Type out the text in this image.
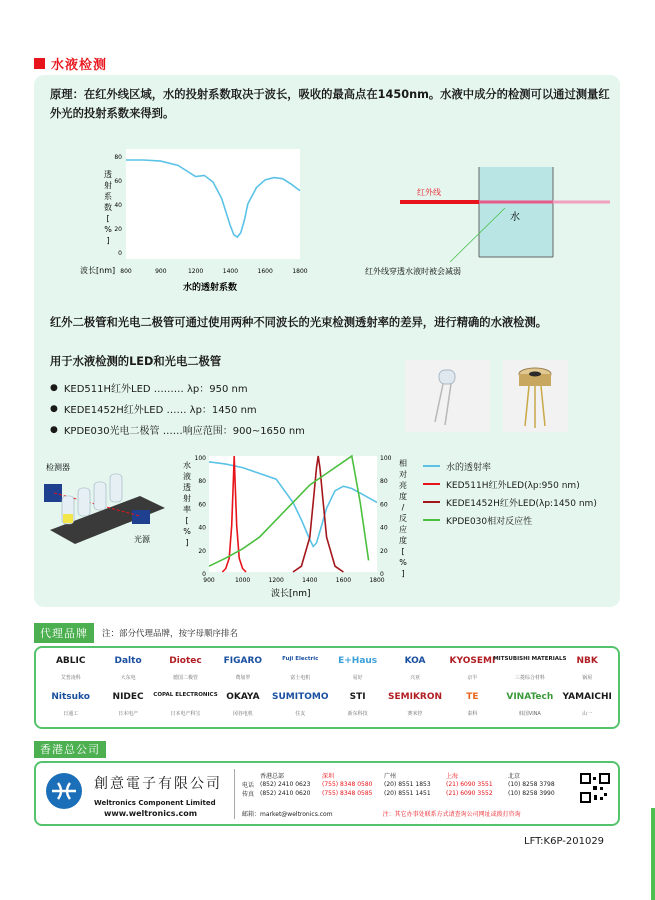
水液检测
原理： 在红外线区域，水的投射系数取决于波长，吸收的最高点在1450nm。水液中成分的检测可以通过测量红外光的投射系数来得到。
800	900	1200	1400	1600	1800
80
60
40
20
0
波长[nm]
水的透射系数
透
射
系
数
[
%
]
红外线
水
红外线穿透水液时被会减弱
红外二极管和光电二极管可通过使用两种不同波长的光束检测透射率的差异，进行精确的水液检测。
用于水液检测的LED和光电二极管
● KED511H红外LED ……… λp：950 nm
● KEDE1452H红外LED …… λp：1450 nm
● KPDE030光电二极管 ……响应范围：900~1650 nm
检测器
光源
900	1000	1200	1400	1600	1800
100	100
80	80
60	60
40	40
20	20
0	0
水
液
透
射
率
[
%
]
相
对
亮
度
/
反
应
度
[
%
]
波长[nm]
水的透射率
KED511H红外LED(λp:950 nm)
KEDE1452H红外LED(λp:1450 nm)
KPDE030相对反应性
代理品牌	注：部分代理品牌，按字母顺序排名
ABLIC
艾普凌科
Dalto
大东电
Diotec
德国二极管
FIGARO
费加罗
Fuji Electric
富士电机
E+Haus
易好
KOA
兴亚
KYOSEMI
京半
MITSUBISHI MATERIALS
三菱综合材料
NBK
锅屋
Nitsuko
日通工
NIDEC
日本电产
COPAL ELECTRONICS
日本电产科宝
OKAYA
冈谷电机
SUMITOMO
住友
STI
新东科技
SEMIKRON
赛米控
TE
泰科
VINATech
韩国VINA
YAMAICHI
山一
香港总公司
創意電子有限公司
Weltronics Component Limited
www.weltronics.com
香港总部	深圳	广州	上海	北京
电话 (852) 2410 0623	(755) 8348 0580	(20) 8551 1853	(21) 6090 3551	(10) 8258 3798
传真 (852) 2410 0620	(755) 8348 0585	(20) 8551 1451	(21) 6090 3552	(10) 8258 3990
邮箱：market@weltronics.com	注：其它办事处联系方式请查询公司网址或拨打咨询
LFT:K6P-201029
